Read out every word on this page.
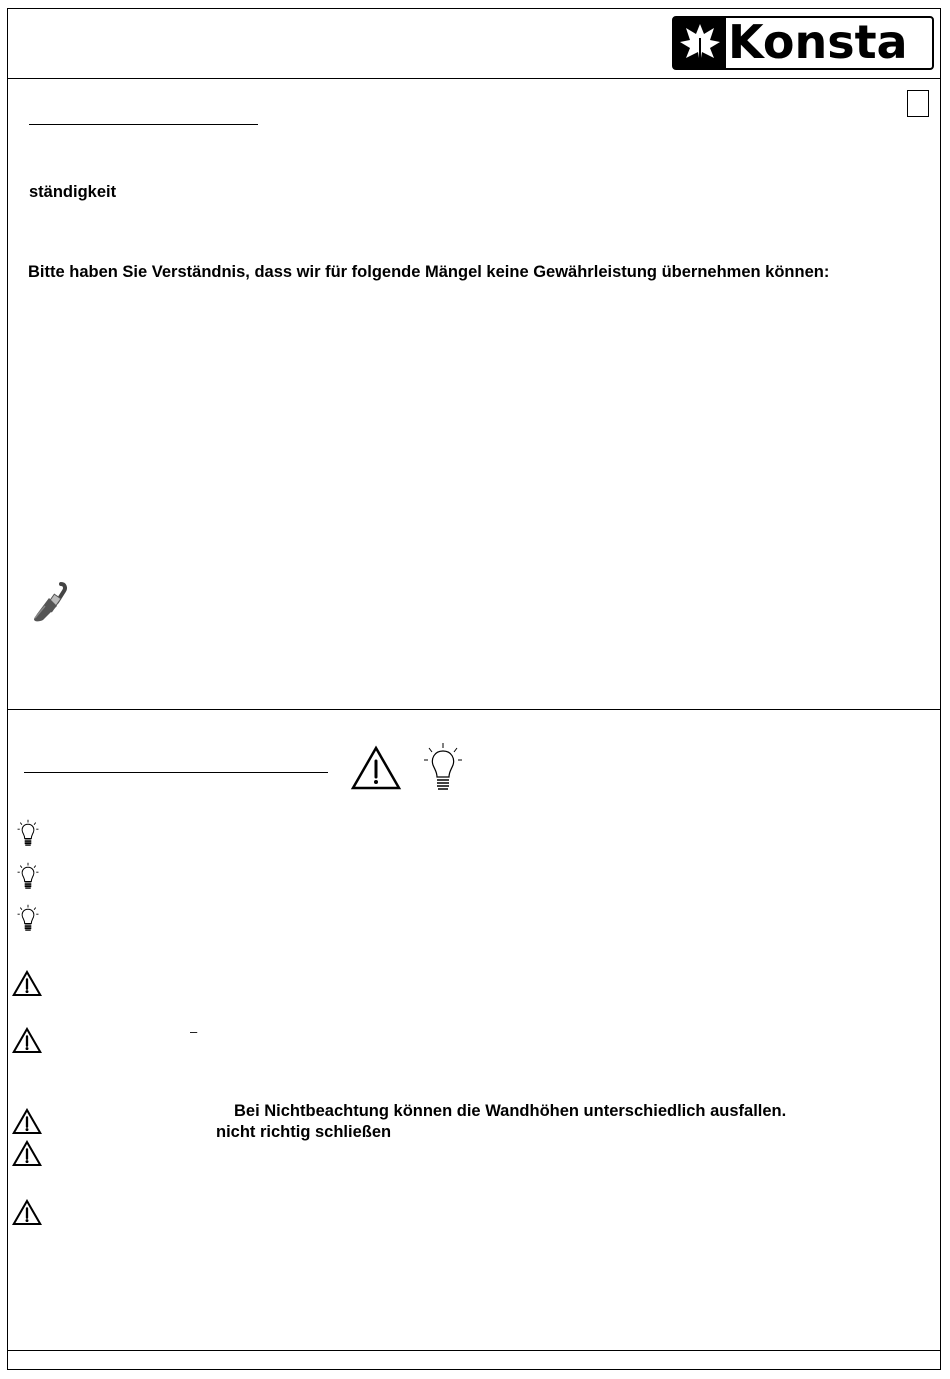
Konsta
ständigkeit
Bitte haben Sie Verständnis, dass wir für folgende Mängel keine Gewährleistung übernehmen können:
–
Bei Nichtbeachtung können die Wandhöhen unterschiedlich ausfallen.
nicht richtig schließen
